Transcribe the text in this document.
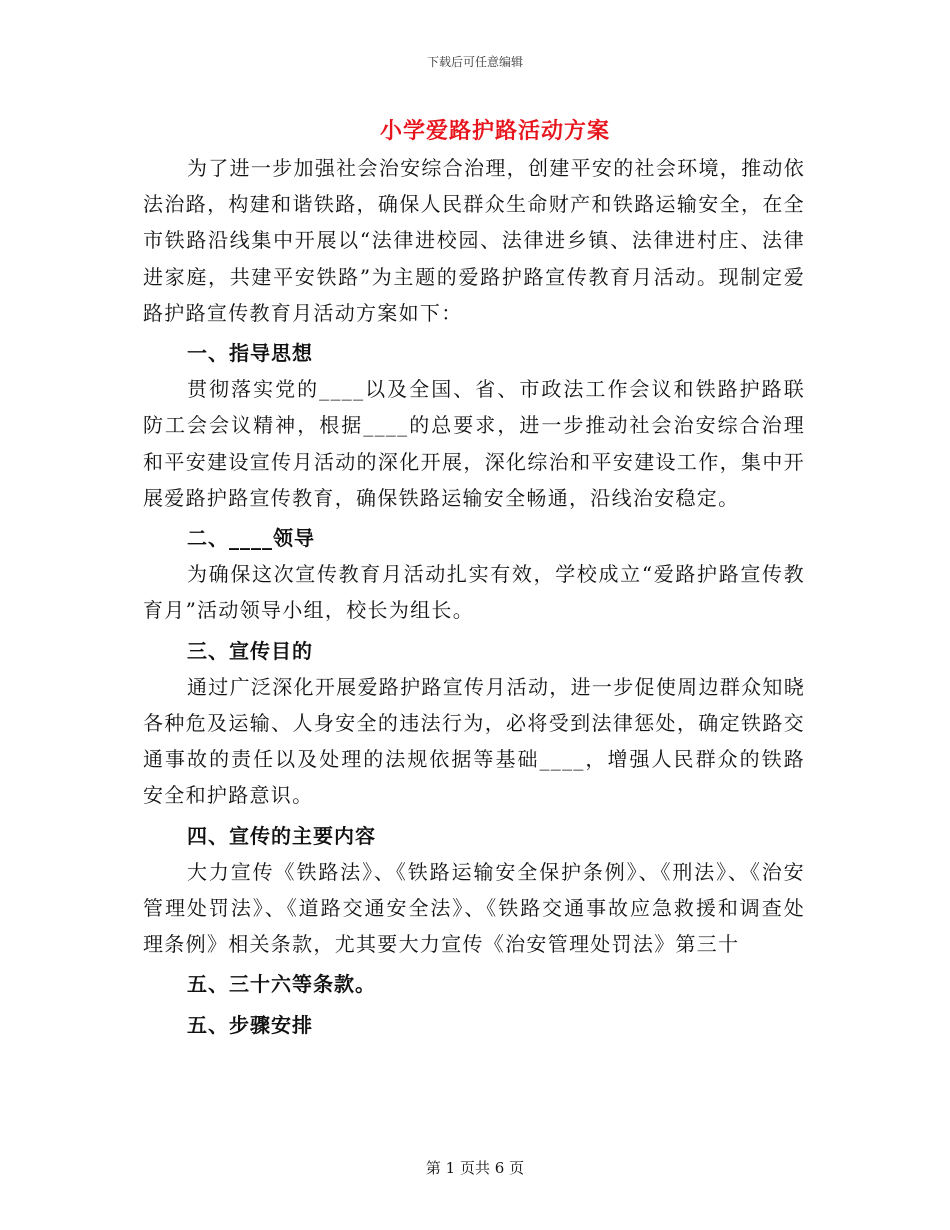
下载后可任意编辑
小学爱路护路活动方案

为了进一步加强社会治安综合治理，创建平安的社会环境，推动依法治路，构建和谐铁路，确保人民群众生命财产和铁路运输安全，在全市铁路沿线集中开展以“法律进校园、法律进乡镇、法律进村庄、法律进家庭，共建平安铁路”为主题的爱路护路宣传教育月活动。现制定爱路护路宣传教育月活动方案如下：

一、指导思想

贯彻落实党的____以及全国、省、市政法工作会议和铁路护路联防工会会议精神，根据____的总要求，进一步推动社会治安综合治理和平安建设宣传月活动的深化开展，深化综治和平安建设工作，集中开展爱路护路宣传教育，确保铁路运输安全畅通，沿线治安稳定。

二、____领导

为确保这次宣传教育月活动扎实有效，学校成立“爱路护路宣传教育月”活动领导小组，校长为组长。

三、宣传目的

通过广泛深化开展爱路护路宣传月活动，进一步促使周边群众知晓各种危及运输、人身安全的违法行为，必将受到法律惩处，确定铁路交通事故的责任以及处理的法规依据等基础____，增强人民群众的铁路安全和护路意识。

四、宣传的主要内容

大力宣传《铁路法》、《铁路运输安全保护条例》、《刑法》、《治安管理处罚法》、《道路交通安全法》、《铁路交通事故应急救援和调查处理条例》相关条款，尤其要大力宣传《治安管理处罚法》第三十

五、三十六等条款。

五、步骤安排

第 1 页共 6 页
